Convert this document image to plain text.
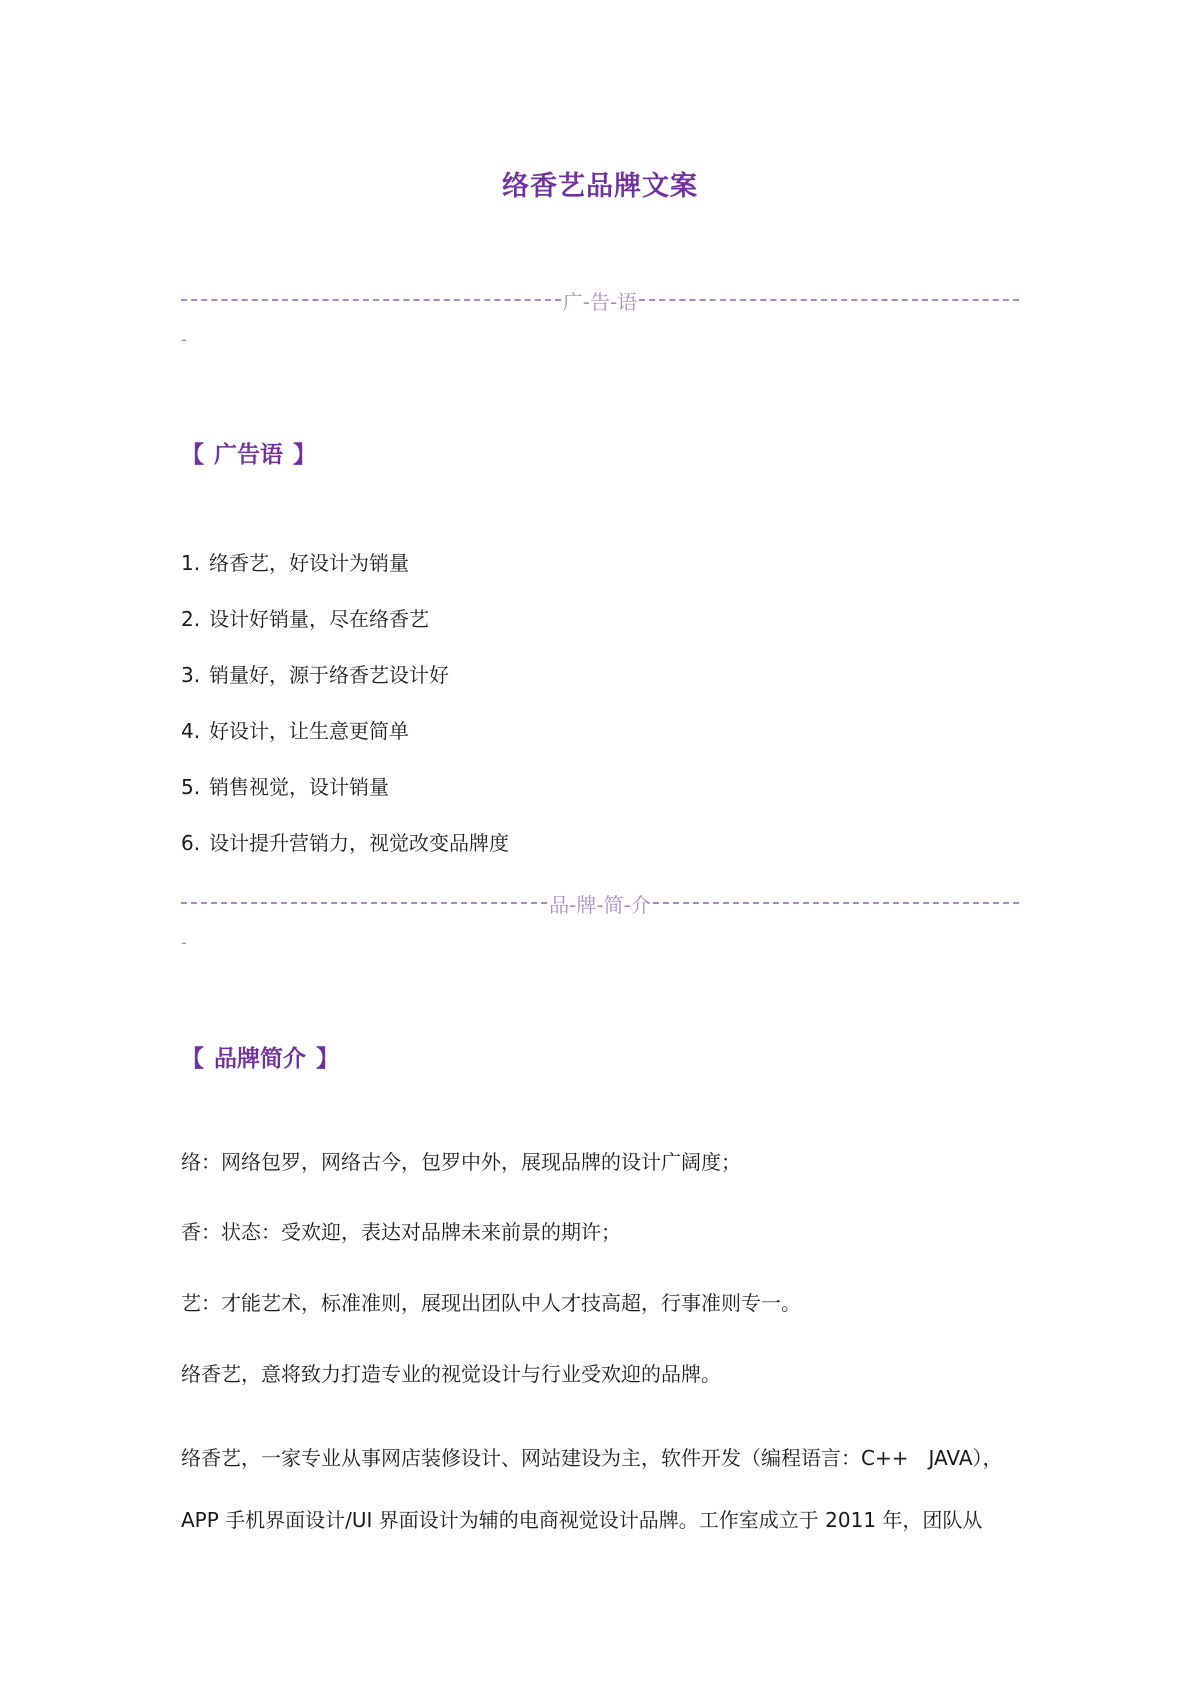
络香艺品牌文案
广-告-语
-
【 广告语 】
1. 络香艺，好设计为销量
2. 设计好销量，尽在络香艺
3. 销量好，源于络香艺设计好
4. 好设计，让生意更简单
5. 销售视觉，设计销量
6. 设计提升营销力，视觉改变品牌度
品-牌-简-介
-
【 品牌简介 】
络：网络包罗，网络古今，包罗中外，展现品牌的设计广阔度；
香：状态：受欢迎，表达对品牌未来前景的期许；
艺：才能艺术，标准准则，展现出团队中人才技高超，行事准则专一。
络香艺，意将致力打造专业的视觉设计与行业受欢迎的品牌。
络香艺，一家专业从事网店装修设计、网站建设为主，软件开发（编程语言：C++　JAVA），
APP 手机界面设计/UI 界面设计为辅的电商视觉设计品牌。工作室成立于 2011 年，团队从
